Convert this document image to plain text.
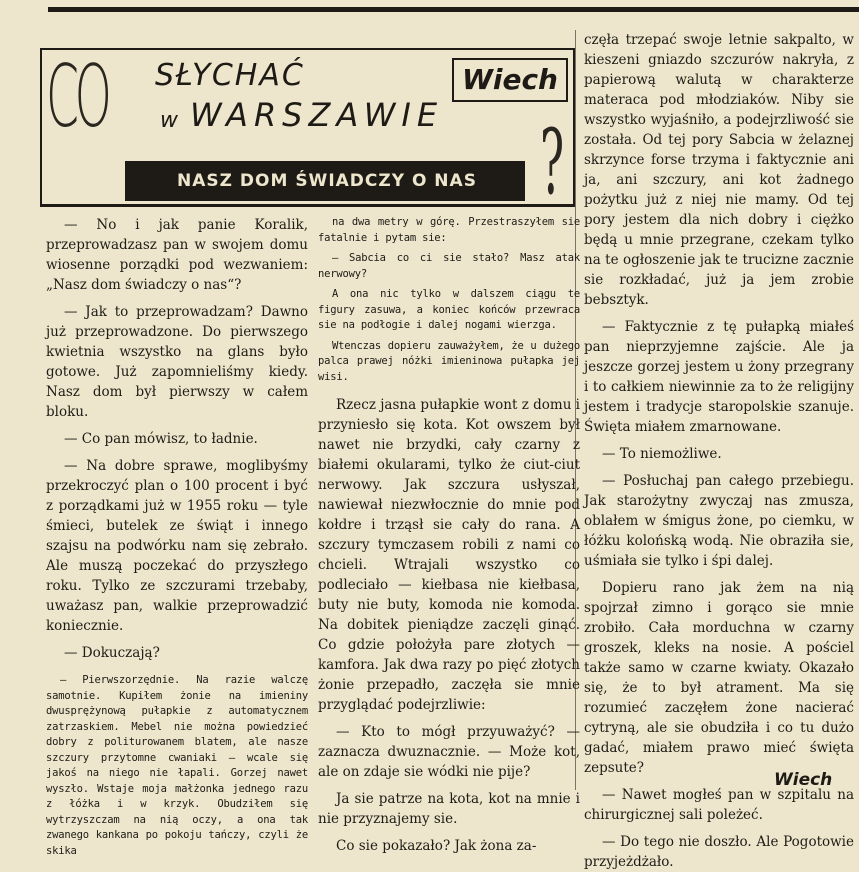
CO SŁYCHAĆ
w WARSZAWIE ?
Wiech
NASZ DOM ŚWIADCZY O NAS

— No i jak panie Koralik, przeprowadzasz pan w swojem domu wiosenne porządki pod wezwaniem: „Nasz dom świadczy o nas“?

— Jak to przeprowadzam? Dawno już przeprowadzone. Do pierwszego kwietnia wszystko na glans było gotowe. Już zapomnieliśmy kiedy. Nasz dom był pierwszy w całem bloku.

— Co pan mówisz, to ładnie.

— Na dobre sprawe, moglibyśmy przekroczyć plan o 100 procent i być z porządkami już w 1955 roku — tyle śmieci, butelek ze świąt i innego szajsu na podwórku nam się zebrało. Ale muszą poczekać do przyszłego roku. Tylko ze szczurami trzebaby, uważasz pan, walkie przeprowadzić koniecznie.

— Dokuczają?

— Pierwszorzędnie. Na razie walczę samotnie. Kupiłem żonie na imieniny dwusprężynową pułapkie z automatycznem zatrzaskiem. Mebel nie można powiedzieć dobry z politurowanem blatem, ale nasze szczury przytomne cwaniaki — wcale się jakoś na niego nie łapali. Gorzej nawet wyszło. Wstaje moja małżonka jednego razu z łóżka i w krzyk. Obudziłem się wytrzyszczam na nią oczy, a ona tak zwanego kankana po pokoju tańczy, czyli że skika

na dwa metry w górę. Przestraszyłem sie fatalnie i pytam sie:

— Sabcia co ci sie stało? Masz atak nerwowy?

A ona nic tylko w dalszem ciągu te figury zasuwa, a koniec końców przewraca sie na podłogie i dalej nogami wierzga.

Wtenczas dopieru zauważyłem, że u dużego palca prawej nóżki imieninowa pułapka jej wisi.

Rzecz jasna pułapkie wont z domu i przyniesło się kota. Kot owszem był nawet nie brzydki, cały czarny z białemi okularami, tylko że ciut-ciut nerwowy. Jak szczura usłyszał, nawiewał niezwłocznie do mnie pod kołdre i trząsł sie cały do rana. A szczury tymczasem robili z nami co chcieli. Wtrajali wszystko co podleciało — kiełbasa nie kiełbasa, buty nie buty, komoda nie komoda. Na dobitek pieniądze zaczęli ginąć. Co gdzie położyła pare złotych — kamfora. Jak dwa razy po pięć złotych żonie przepadło, zaczęła sie mnie przyglądać podejrzliwie:

— Kto to mógł przyuważyć? — zaznacza dwuznacznie. — Może kot, ale on zdaje sie wódki nie pije?

Ja sie patrze na kota, kot na mnie i nie przyznajemy sie.

Co sie pokazało? Jak żona za-

częła trzepać swoje letnie sakpalto, w kieszeni gniazdo szczurów nakryła, z papierową walutą w charakterze materaca pod młodziaków. Niby sie wszystko wyjaśniło, a podejrzliwość sie została. Od tej pory Sabcia w żelaznej skrzynce forse trzyma i faktycznie ani ja, ani szczury, ani kot żadnego pożytku już z niej nie mamy. Od tej pory jestem dla nich dobry i ciężko będą u mnie przegrane, czekam tylko na te ogłoszenie jak te trucizne zacznie sie rozkładać, już ja jem zrobie bebsztyk.

— Faktycznie z tę pułapką miałeś pan nieprzyjemne zajście. Ale ja jeszcze gorzej jestem u żony przegrany i to całkiem niewinnie za to że religijny jestem i tradycje staropolskie szanuje. Święta miałem zmarnowane.

— To niemożliwe.

— Posłuchaj pan całego przebiegu. Jak starożytny zwyczaj nas zmusza, oblałem w śmigus żone, po ciemku, w łóżku kolońską wodą. Nie obraziła sie, uśmiała sie tylko i śpi dalej.

Dopieru rano jak żem na nią spojrzał zimno i gorąco sie mnie zrobiło. Cała morduchna w czarny groszek, kleks na nosie. A pościel także samo w czarne kwiaty. Okazało się, że to był atrament. Ma się rozumieć zaczęłem żone nacierać cytryną, ale sie obudziła i co tu dużo gadać, miałem prawo mieć święta zepsute?

— Nawet mogłeś pan w szpitalu na chirurgicznej sali poleżeć.

— Do tego nie doszło. Ale Pogotowie przyjeżdżało.

Wiech
